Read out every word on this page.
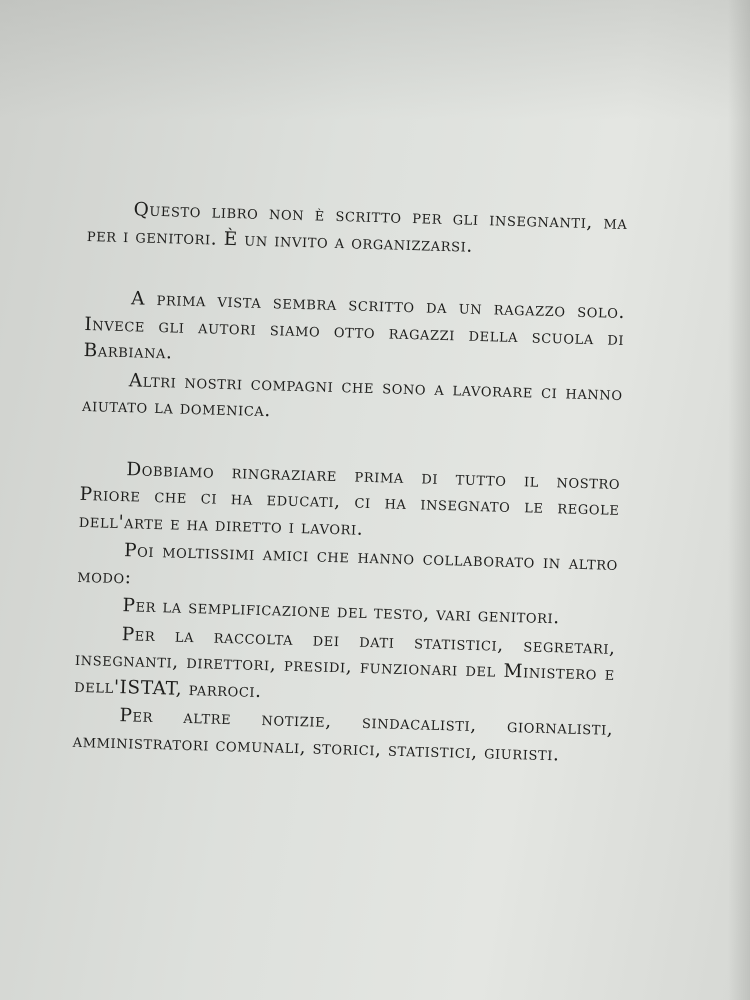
Questo libro non è scritto per gli insegnanti, ma per i genitori. È un invito a organizzarsi.

A prima vista sembra scritto da un ragazzo solo. Invece gli autori siamo otto ragazzi della scuola di Barbiana.

Altri nostri compagni che sono a lavorare ci hanno aiutato la domenica.

Dobbiamo ringraziare prima di tutto il nostro Priore che ci ha educati, ci ha insegnato le regole dell'arte e ha diretto i lavori.

Poi moltissimi amici che hanno collaborato in altro modo:

Per la semplificazione del testo, vari genitori.

Per la raccolta dei dati statistici, segretari, insegnanti, direttori, presidi, funzionari del Ministero e dell'ISTAT, parroci.

Per altre notizie, sindacalisti, giornalisti, amministratori comunali, storici, statistici, giuristi.
